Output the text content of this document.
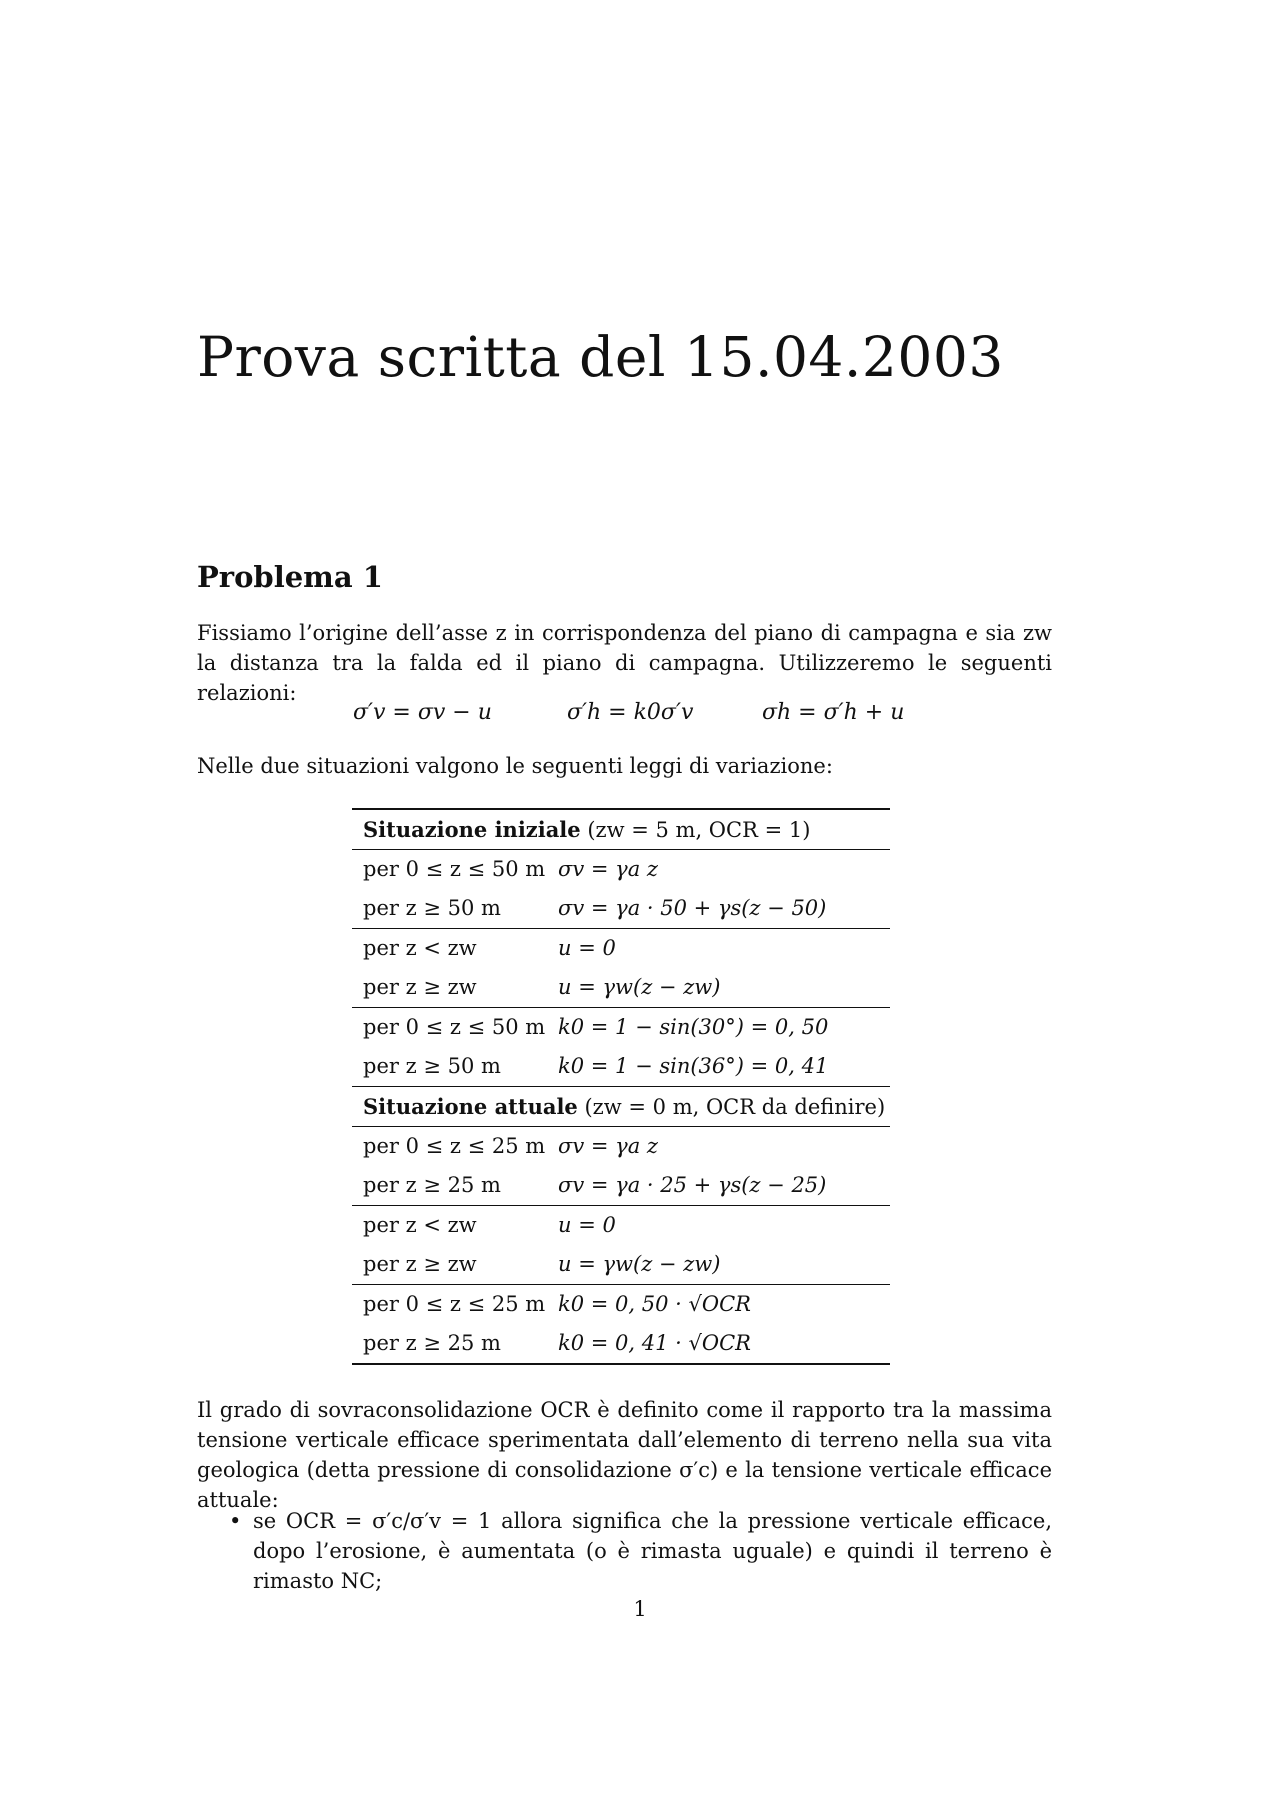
Prova scritta del 15.04.2003
Problema 1

Fissiamo l’origine dell’asse z in corrispondenza del piano di campagna e sia zw la distanza tra la falda ed il piano di campagna. Utilizzeremo le seguenti relazioni:

σ′v = σv − u	σ′h = k0σ′v	σh = σ′h + u

Nelle due situazioni valgono le seguenti leggi di variazione:

Situazione iniziale (zw = 5 m, OCR = 1)
per 0 ≤ z ≤ 50 m σv = γa z
per z ≥ 50 m	σv = γa · 50 + γs(z − 50)
per z < zw	u = 0
per z ≥ zw	u = γw(z − zw)
per 0 ≤ z ≤ 50 m k0 = 1 − sin(30°) = 0, 50
per z ≥ 50 m	k0 = 1 − sin(36°) = 0, 41
Situazione attuale (zw = 0 m, OCR da definire)
per 0 ≤ z ≤ 25 m σv = γa z
per z ≥ 25 m	σv = γa · 25 + γs(z − 25)
per z < zw	u = 0
per z ≥ zw	u = γw(z − zw)
per 0 ≤ z ≤ 25 m k0 = 0, 50 · √OCR
per z ≥ 25 m	k0 = 0, 41 · √OCR

Il grado di sovraconsolidazione OCR è definito come il rapporto tra la massima tensione verticale efficace sperimentata dall’elemento di terreno nella sua vita geologica (detta pressione di consolidazione σ′c) e la tensione verticale efficace attuale:

• se OCR = σ′c/σ′v = 1 allora significa che la pressione verticale efficace, dopo l’erosione, è aumentata (o è rimasta uguale) e quindi il terreno è rimasto NC;
1
